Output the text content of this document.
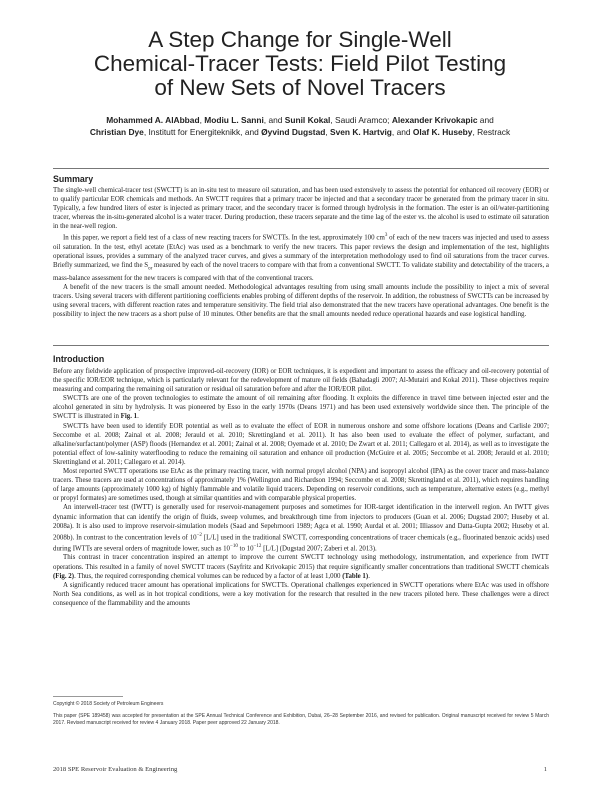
A Step Change for Single-Well
Chemical-Tracer Tests: Field Pilot Testing
of New Sets of Novel Tracers
Mohammed A. AlAbbad, Modiu L. Sanni, and Sunil Kokal, Saudi Aramco; Alexander Krivokapic and
Christian Dye, Institutt for Energiteknikk, and Øyvind Dugstad, Sven K. Hartvig, and Olaf K. Huseby, Restrack
Summary

The single-well chemical-tracer test (SWCTT) is an in-situ test to measure oil saturation, and has been used extensively to assess the potential for enhanced oil recovery (EOR) or to qualify particular EOR chemicals and methods. An SWCTT requires that a primary tracer be injected and that a secondary tracer be generated from the primary tracer in situ. Typically, a few hundred liters of ester is injected as primary tracer, and the secondary tracer is formed through hydrolysis in the formation. The ester is an oil/water-partitioning tracer, whereas the in-situ-generated alcohol is a water tracer. During production, these tracers separate and the time lag of the ester vs. the alcohol is used to estimate oil saturation in the near-well region.

In this paper, we report a field test of a class of new reacting tracers for SWCTTs. In the test, approximately 100 $cm^3$ of each of the new tracers was injected and used to assess oil saturation. In the test, ethyl acetate (EtAc) was used as a benchmark to verify the new tracers. This paper reviews the design and implementation of the test, highlights operational issues, provides a summary of the analyzed tracer curves, and gives a summary of the interpretation methodology used to find oil saturations from the tracer curves. Briefly summarized, we find the $S_{or}$ measured by each of the novel tracers to compare with that from a conventional SWCTT. To validate stability and detectability of the tracers, a mass-balance assessment for the new tracers is compared with that of the conventional tracers.

A benefit of the new tracers is the small amount needed. Methodological advantages resulting from using small amounts include the possibility to inject a mix of several tracers. Using several tracers with different partitioning coefficients enables probing of different depths of the reservoir. In addition, the robustness of SWCTTs can be increased by using several tracers, with different reaction rates and temperature sensitivity. The field trial also demonstrated that the new tracers have operational advantages. One benefit is the possibility to inject the new tracers as a short pulse of 10 minutes. Other benefits are that the small amounts needed reduce operational hazards and ease logistical handling.

Introduction

Before any fieldwide application of prospective improved-oil-recovery (IOR) or EOR techniques, it is expedient and important to assess the efficacy and oil-recovery potential of the specific IOR/EOR technique, which is particularly relevant for the redevelopment of mature oil fields (Bahadagli 2007; Al-Mutairi and Kokal 2011). These objectives require measuring and comparing the remaining oil saturation or residual oil saturation before and after the IOR/EOR pilot.

SWCTTs are one of the proven technologies to estimate the amount of oil remaining after flooding. It exploits the difference in travel time between injected ester and the alcohol generated in situ by hydrolysis. It was pioneered by Esso in the early 1970s (Deans 1971) and has been used extensively worldwide since then. The principle of the SWCTT is illustrated in Fig. 1.

SWCTTs have been used to identify EOR potential as well as to evaluate the effect of EOR in numerous onshore and some offshore locations (Deans and Carlisle 2007; Seccombe et al. 2008; Zainal et al. 2008; Jerauld et al. 2010; Skrettingland et al. 2011). It has also been used to evaluate the effect of polymer, surfactant, and alkaline/surfactant/polymer (ASP) floods (Hernandez et al. 2001; Zainal et al. 2008; Oyemade et al. 2010; De Zwart et al. 2011; Callegaro et al. 2014), as well as to investigate the potential effect of low-salinity waterflooding to reduce the remaining oil saturation and enhance oil production (McGuire et al. 2005; Seccombe et al. 2008; Jerauld et al. 2010; Skrettingland et al. 2011; Callegaro et al. 2014).

Most reported SWCTT operations use EtAc as the primary reacting tracer, with normal propyl alcohol (NPA) and isopropyl alcohol (IPA) as the cover tracer and mass-balance tracers. These tracers are used at concentrations of approximately 1% (Wellington and Richardson 1994; Seccombe et al. 2008; Skrettingland et al. 2011), which requires handling of large amounts (approximately 1000 kg) of highly flammable and volatile liquid tracers. Depending on reservoir conditions, such as temperature, alternative esters (e.g., methyl or propyl formates) are sometimes used, though at similar quantities and with comparable physical properties.

An interwell-tracer test (IWTT) is generally used for reservoir-management purposes and sometimes for IOR-target identification in the interwell region. An IWTT gives dynamic information that can identify the origin of fluids, sweep volumes, and breakthrough time from injectors to producers (Guan et al. 2006; Dugstad 2007; Huseby et al. 2008a). It is also used to improve reservoir-simulation models (Saad and Sepehrnoori 1989; Agca et al. 1990; Aurdal et al. 2001; Illiassov and Datta-Gupta 2002; Huseby et al. 2008b). In contrast to the concentration levels of $10^{-2}$ [L/L] used in the traditional SWCTT, corresponding concentrations of tracer chemicals (e.g., fluorinated benzoic acids) used during IWTTs are several orders of magnitude lower, such as $10^{-10}$ to $10^{-12}$ [L/L] (Dugstad 2007; Zaberi et al. 2013).

This contrast in tracer concentration inspired an attempt to improve the current SWCTT technology using methodology, instrumentation, and experience from IWTT operations. This resulted in a family of novel SWCTT tracers (Sayfritz and Krivokapic 2015) that require significantly smaller concentrations than traditional SWCTT chemicals (Fig. 2). Thus, the required corresponding chemical volumes can be reduced by a factor of at least 1,000 (Table 1).

A significantly reduced tracer amount has operational implications for SWCTTs. Operational challenges experienced in SWCTT operations where EtAc was used in offshore North Sea conditions, as well as in hot tropical conditions, were a key motivation for the research that resulted in the new tracers piloted here. These challenges were a direct consequence of the flammability and the amounts

Copyright © 2018 Society of Petroleum Engineers

This paper (SPE 189458) was accepted for presentation at the SPE Annual Technical Conference and Exhibition, Dubai, 26–28 September 2016, and revised for publication. Original manuscript received for review 5 March 2017. Revised manuscript received for review 4 January 2018. Paper peer approved 22 January 2018.

2018 SPE Reservoir Evaluation & Engineering	1
